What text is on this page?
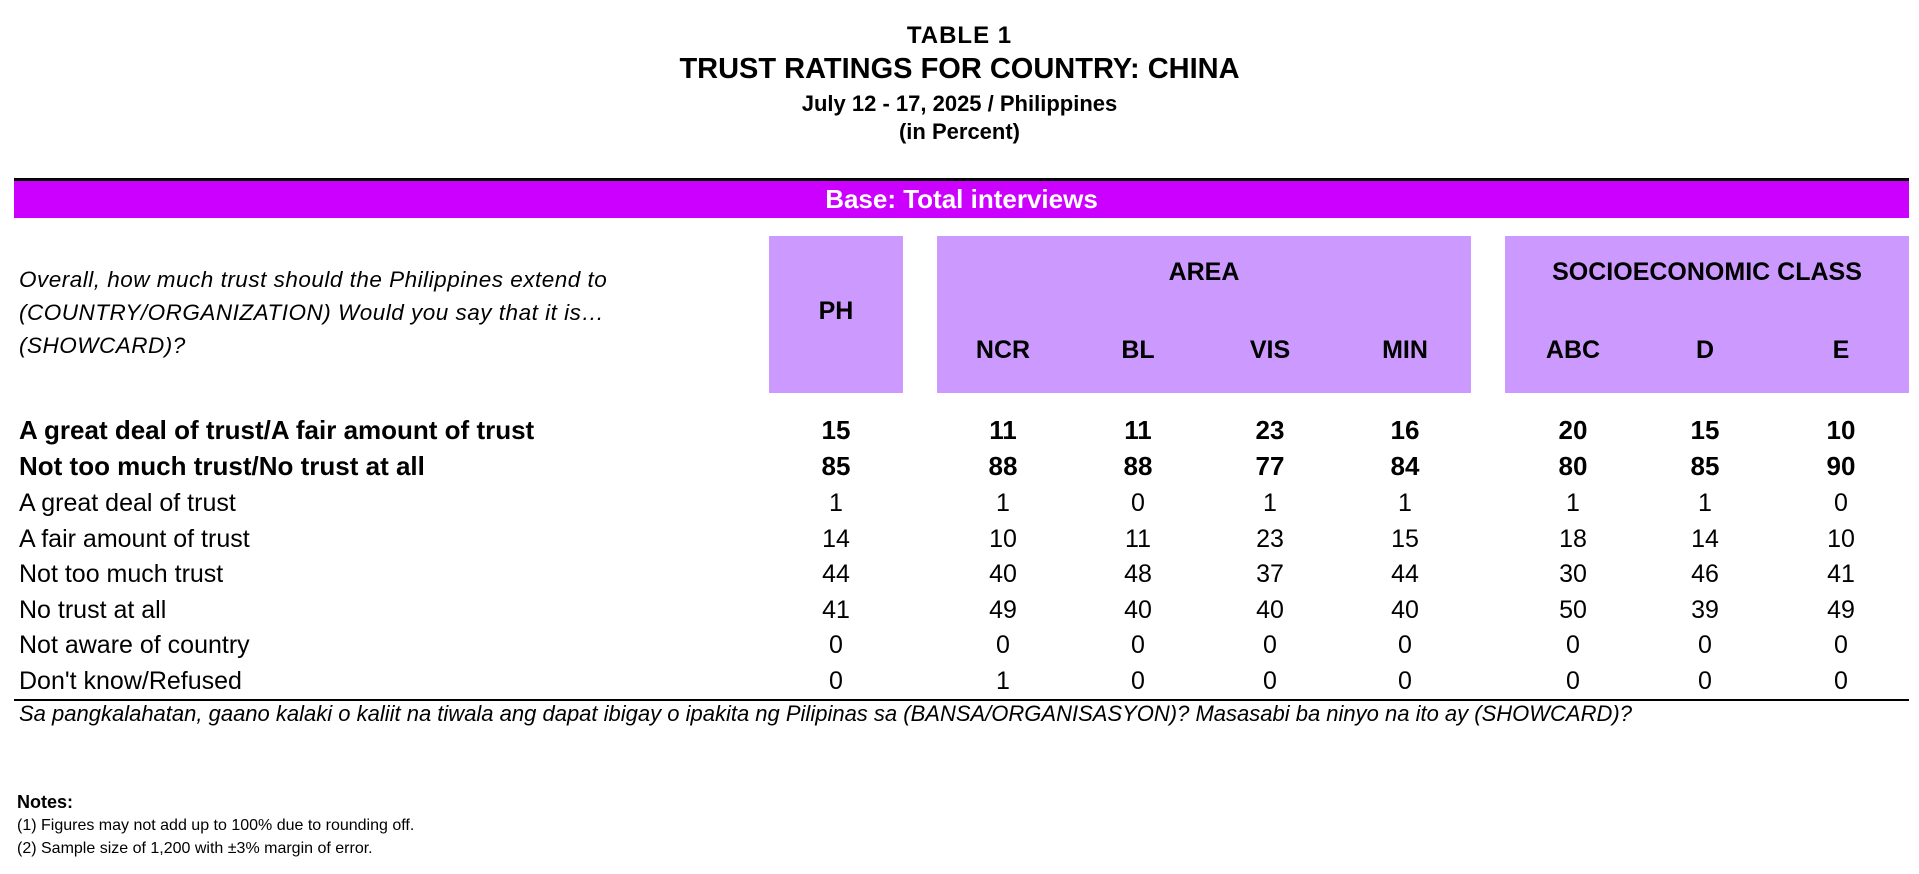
TABLE 1
TRUST RATINGS FOR COUNTRY: CHINA
July 12 - 17, 2025 / Philippines
(in Percent)
Base: Total interviews
Overall, how much trust should the Philippines extend to (COUNTRY/ORGANIZATION) Would you say that it is…(SHOWCARD)?
PH
AREA	SOCIOECONOMIC CLASS
NCR	BL	VIS	MIN	ABC	D	E
A great deal of trust/A fair amount of trust	15	11	11	23	16	20	15	10
Not too much trust/No trust at all	85	88	88	77	84	80	85	90
A great deal of trust	1	1	0	1	1	1	1	0
A fair amount of trust	14	10	11	23	15	18	14	10
Not too much trust	44	40	48	37	44	30	46	41
No trust at all	41	49	40	40	40	50	39	49
Not aware of country	0	0	0	0	0	0	0	0
Don't know/Refused	0	1	0	0	0	0	0	0
Sa pangkalahatan, gaano kalaki o kaliit na tiwala ang dapat ibigay o ipakita ng Pilipinas sa (BANSA/ORGANISASYON)? Masasabi ba ninyo na ito ay (SHOWCARD)?
Notes:
(1) Figures may not add up to 100% due to rounding off.
(2) Sample size of 1,200 with ±3% margin of error.
